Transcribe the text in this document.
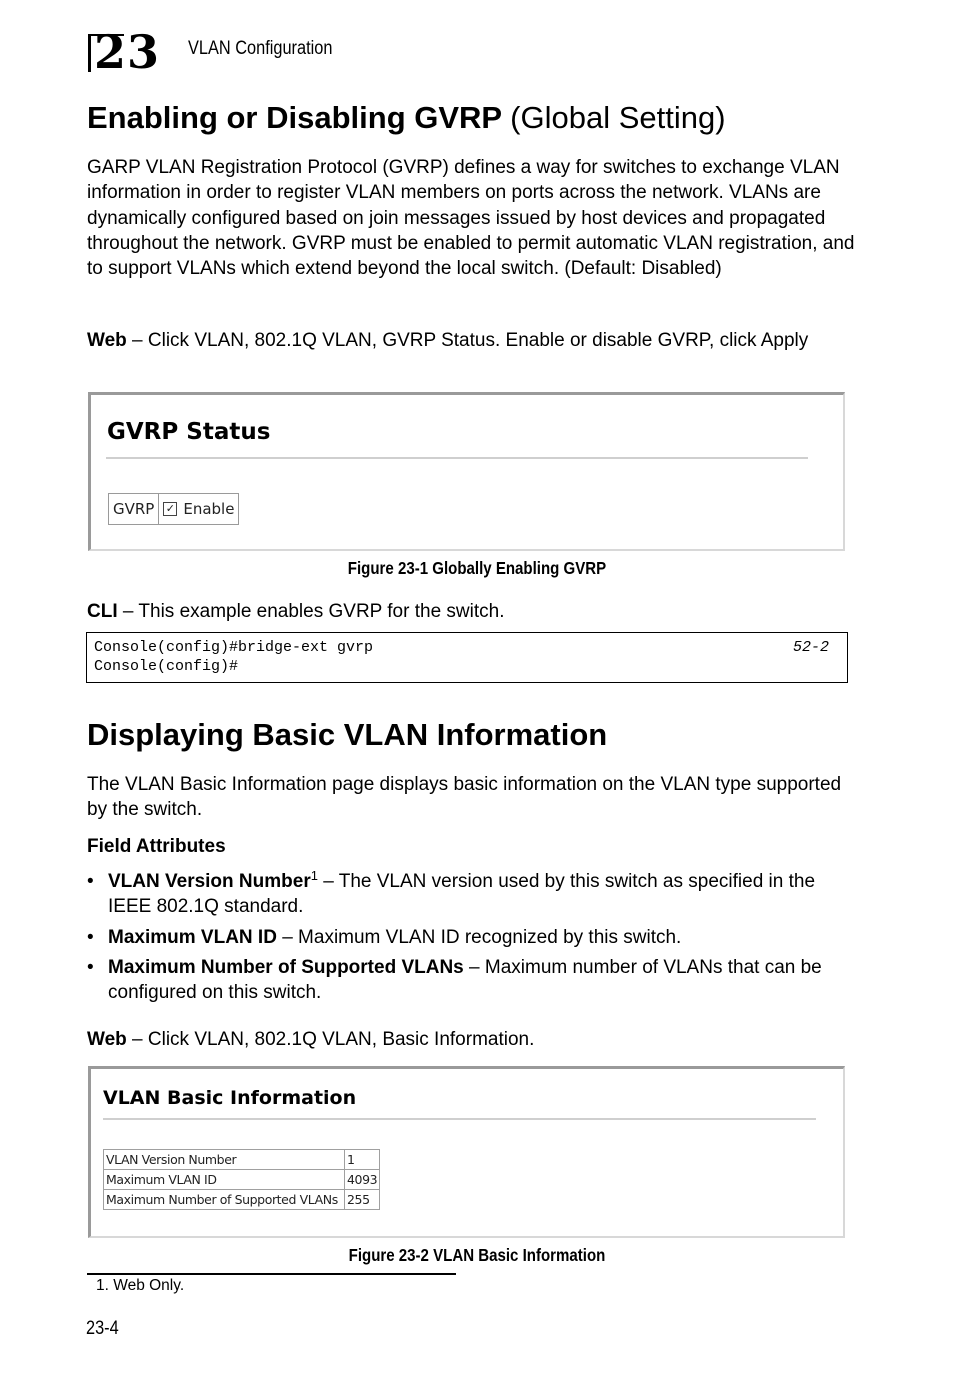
23 VLAN Configuration
Enabling or Disabling GVRP (Global Setting)

GARP VLAN Registration Protocol (GVRP) defines a way for switches to exchange VLAN information in order to register VLAN members on ports across the network. VLANs are dynamically configured based on join messages issued by host devices and propagated throughout the network. GVRP must be enabled to permit automatic VLAN registration, and to support VLANs which extend beyond the local switch. (Default: Disabled)

Web – Click VLAN, 802.1Q VLAN, GVRP Status. Enable or disable GVRP, click Apply

GVRP Status
GVRP	✓ Enable
Figure 23-1 Globally Enabling GVRP

CLI – This example enables GVRP for the switch.

Console(config)#bridge-ext gvrp
Console(config)#
52-2
Displaying Basic VLAN Information

The VLAN Basic Information page displays basic information on the VLAN type supported by the switch.

Field Attributes

• VLAN Version Number$^1$ – The VLAN version used by this switch as specified in the IEEE 802.1Q standard.
• Maximum VLAN ID – Maximum VLAN ID recognized by this switch.
• Maximum Number of Supported VLANs – Maximum number of VLANs that can be configured on this switch.

Web – Click VLAN, 802.1Q VLAN, Basic Information.

VLAN Basic Information
VLAN Version Number	1
Maximum VLAN ID	4093
Maximum Number of Supported VLANs	255
Figure 23-2 VLAN Basic Information
1. Web Only.
23-4
